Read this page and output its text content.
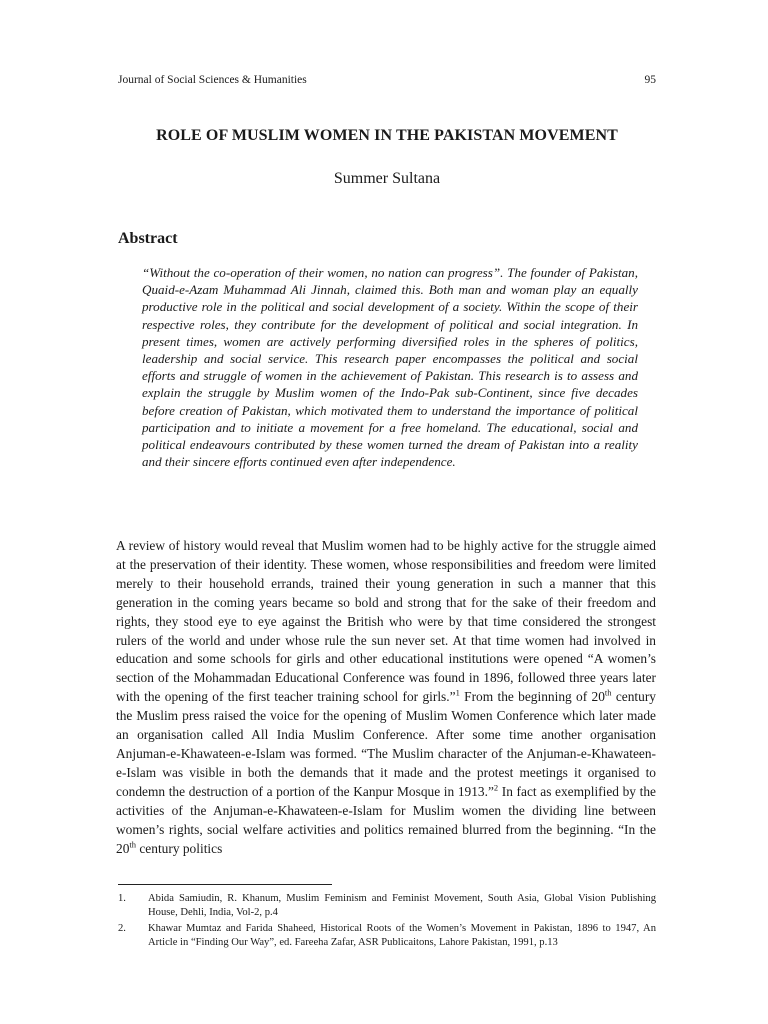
Journal of Social Sciences & Humanities	95
ROLE OF MUSLIM WOMEN IN THE PAKISTAN MOVEMENT
Summer Sultana
Abstract
“Without the co-operation of their women, no nation can progress”. The founder of Pakistan, Quaid-e-Azam Muhammad Ali Jinnah, claimed this. Both man and woman play an equally productive role in the political and social development of a society. Within the scope of their respective roles, they contribute for the development of political and social integration. In present times, women are actively performing diversified roles in the spheres of politics, leadership and social service. This research paper encompasses the political and social efforts and struggle of women in the achievement of Pakistan. This research is to assess and explain the struggle by Muslim women of the Indo-Pak sub-Continent, since five decades before creation of Pakistan, which motivated them to understand the importance of political participation and to initiate a movement for a free homeland. The educational, social and political endeavours contributed by these women turned the dream of Pakistan into a reality and their sincere efforts continued even after independence.
A review of history would reveal that Muslim women had to be highly active for the struggle aimed at the preservation of their identity. These women, whose responsibilities and freedom were limited merely to their household errands, trained their young generation in such a manner that this generation in the coming years became so bold and strong that for the sake of their freedom and rights, they stood eye to eye against the British who were by that time considered the strongest rulers of the world and under whose rule the sun never set. At that time women had involved in education and some schools for girls and other educational institutions were opened “A women’s section of the Mohammadan Educational Conference was found in 1896, followed three years later with the opening of the first teacher training school for girls.”$^1$ From the beginning of 20th century the Muslim press raised the voice for the opening of Muslim Women Conference which later made an organisation called All India Muslim Conference. After some time another organisation Anjuman-e-Khawateen-e-Islam was formed. “The Muslim character of the Anjuman-e-Khawateen-e-Islam was visible in both the demands that it made and the protest meetings it organised to condemn the destruction of a portion of the Kanpur Mosque in 1913.”$^2$ In fact as exemplified by the activities of the Anjuman-e-Khawateen-e-Islam for Muslim women the dividing line between women’s rights, social welfare activities and politics remained blurred from the beginning. “In the 20th century politics
1. Abida Samiudin, R. Khanum, Muslim Feminism and Feminist Movement, South Asia, Global Vision Publishing House, Dehli, India, Vol-2, p.4
2. Khawar Mumtaz and Farida Shaheed, Historical Roots of the Women’s Movement in Pakistan, 1896 to 1947, An Article in “Finding Our Way”, ed. Fareeha Zafar, ASR Publicaitons, Lahore Pakistan, 1991, p.13
